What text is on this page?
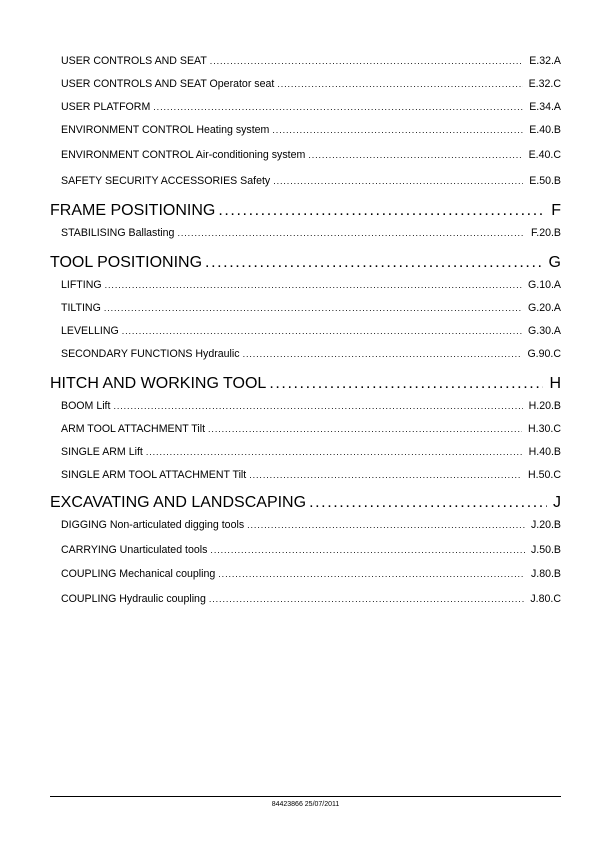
USER CONTROLS AND SEAT .....	E.32.A
USER CONTROLS AND SEAT Operator seat .....	E.32.C
USER PLATFORM .....	E.34.A
ENVIRONMENT CONTROL Heating system .....	E.40.B
ENVIRONMENT CONTROL Air-conditioning system .....	E.40.C
SAFETY SECURITY ACCESSORIES Safety .....	E.50.B
FRAME POSITIONING .....	F
STABILISING Ballasting .....	F.20.B
TOOL POSITIONING .....	G
LIFTING .....	G.10.A
TILTING .....	G.20.A
LEVELLING .....	G.30.A
SECONDARY FUNCTIONS Hydraulic .....	G.90.C
HITCH AND WORKING TOOL .....	H
BOOM Lift .....	H.20.B
ARM TOOL ATTACHMENT Tilt .....	H.30.C
SINGLE ARM Lift .....	H.40.B
SINGLE ARM TOOL ATTACHMENT Tilt .....	H.50.C
EXCAVATING AND LANDSCAPING .....	J
DIGGING Non-articulated digging tools .....	J.20.B
CARRYING Unarticulated tools .....	J.50.B
COUPLING Mechanical coupling .....	J.80.B
COUPLING Hydraulic coupling .....	J.80.C
84423866 25/07/2011
